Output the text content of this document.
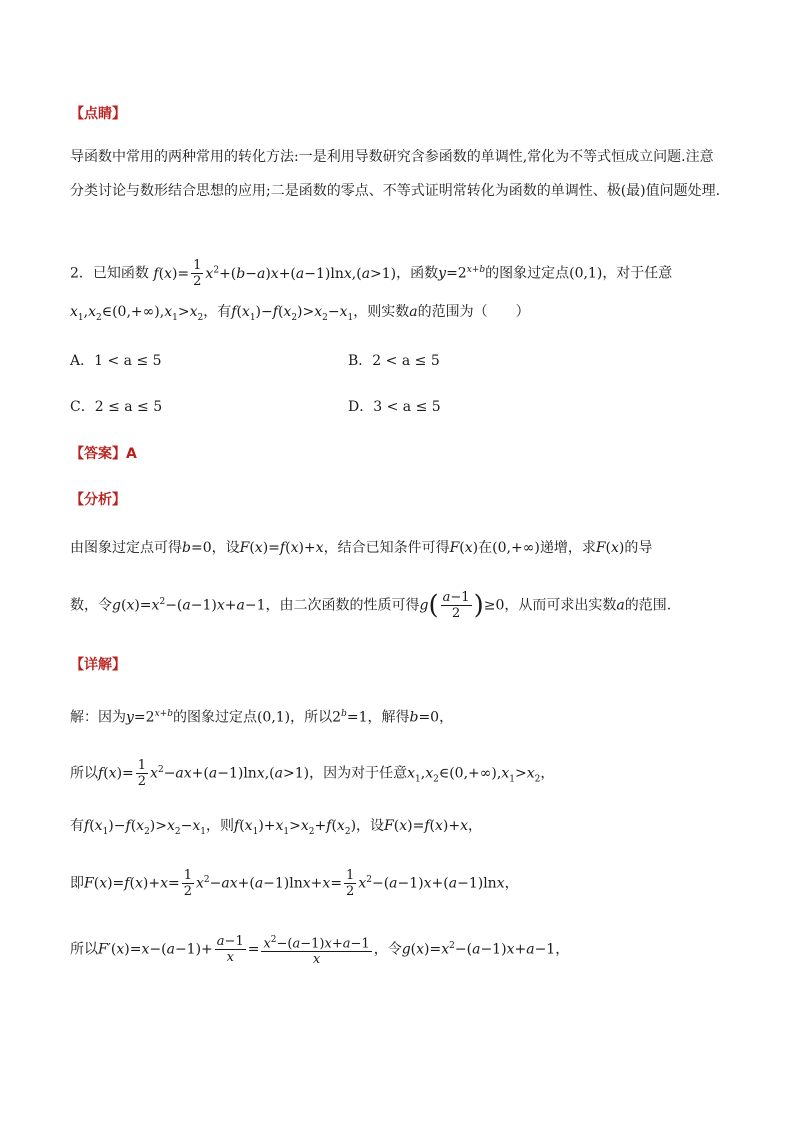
【点睛】
导函数中常用的两种常用的转化方法:一是利用导数研究含参函数的单调性,常化为不等式恒成立问题.注意分类讨论与数形结合思想的应用;二是函数的零点、不等式证明常转化为函数的单调性、极(最)值问题处理.
2．已知函数 $f(x)= \frac{1}{2} x^2+(b-a)x+(a-1)\ln x,(a>1)$，函数$y=2^{x+b}$的图象过定点(0,1)，对于任意
$x_1,x_2\in(0,+\infty),x_1>x_2$，有$f(x_1)-f(x_2)>x_2-x_1$，则实数a的范围为（　　）
A．1 < a ≤ 5	B．2 < a ≤ 5
C．2 ≤ a ≤ 5	D．3 < a ≤ 5
【答案】A
【分析】
由图象过定点可得b=0，设F(x)=f(x)+x，结合已知条件可得F(x)在(0,+∞)递增，求F(x)的导
数，令$g(x)=x^2-(a-1)x+a-1$，由二次函数的性质可得$g( \frac{a-1}{2} )\ge 0$，从而可求出实数a的范围.
【详解】
解：因为$y=2^{x+b}$的图象过定点(0,1)，所以$2^b=1$，解得b=0，
所以$f(x)= \frac{1}{2} x^2-ax+(a-1)\ln x,(a>1)$，因为对于任意$x_1,x_2\in(0,+\infty),x_1>x_2$，
有$f(x_1)-f(x_2)>x_2-x_1$，则$f(x_1)+x_1>x_2+f(x_2)$，设F(x)=f(x)+x，
即$F(x)=f(x)+x= \frac{1}{2} x^2-ax+(a-1)\ln x+x= \frac{1}{2} x^2-(a-1)x+(a-1)\ln x$，
所以$F'(x)=x-(a-1)+ \frac{a-1}{x} = \frac{x^2-(a-1)x+a-1}{x}$ ，令$g(x)=x^2-(a-1)x+a-1$，
